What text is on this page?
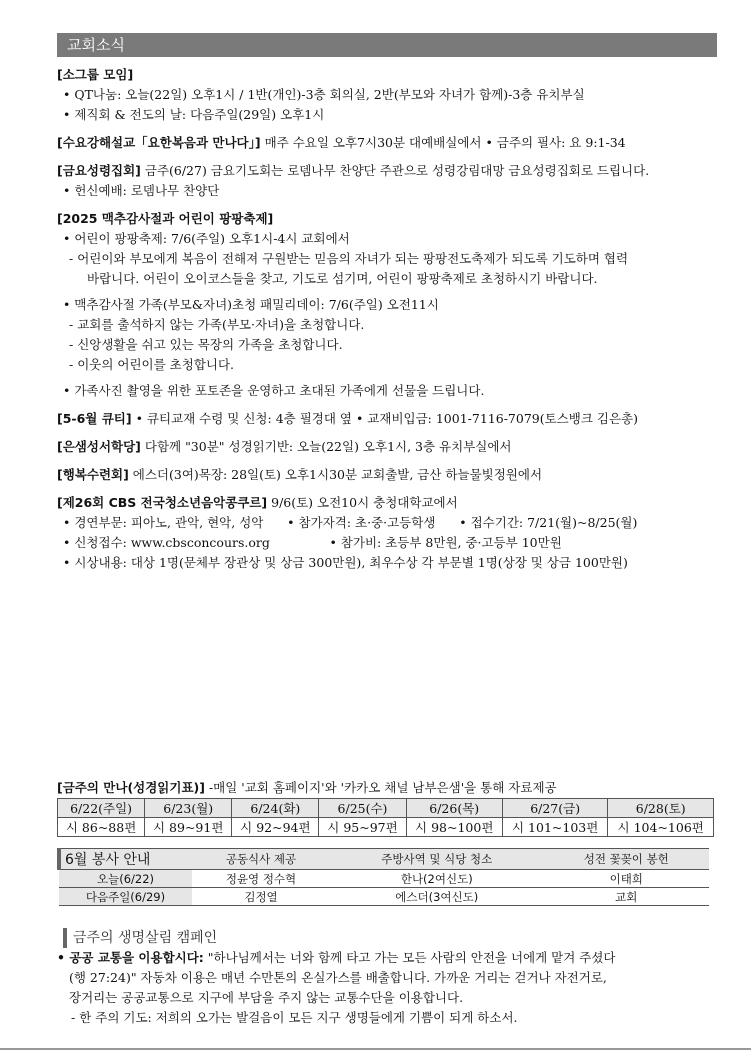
교회소식
[소그룹 모임]
• QT나눔: 오늘(22일) 오후1시 / 1반(개인)-3층 회의실, 2반(부모와 자녀가 함께)-3층 유치부실
• 제직회 & 전도의 날: 다음주일(29일) 오후1시
[수요강해설교「요한복음과 만나다」] 매주 수요일 오후7시30분 대예배실에서 • 금주의 필사: 요 9:1-34
[금요성령집회] 금주(6/27) 금요기도회는 로뎀나무 찬양단 주관으로 성령강림대망 금요성령집회로 드립니다.
• 헌신예배: 로뎀나무 찬양단
[2025 맥추감사절과 어린이 팡팡축제]
• 어린이 팡팡축제: 7/6(주일) 오후1시-4시 교회에서
- 어린이와 부모에게 복음이 전해져 구원받는 믿음의 자녀가 되는 팡팡전도축제가 되도록 기도하며 협력
바랍니다. 어린이 오이코스들을 찾고, 기도로 섬기며, 어린이 팡팡축제로 초청하시기 바랍니다.
• 맥추감사절 가족(부모&자녀)초청 패밀리데이: 7/6(주일) 오전11시
- 교회를 출석하지 않는 가족(부모·자녀)을 초청합니다.
- 신앙생활을 쉬고 있는 목장의 가족을 초청합니다.
- 이웃의 어린이를 초청합니다.
• 가족사진 촬영을 위한 포토존을 운영하고 초대된 가족에게 선물을 드립니다.
[5-6월 큐티] • 큐티교재 수령 및 신청: 4층 필경대 옆 • 교재비입금: 1001-7116-7079(토스뱅크 김은총)
[은샘성서학당] 다함께 "30분" 성경읽기반: 오늘(22일) 오후1시, 3층 유치부실에서
[행복수련회] 에스더(3여)목장: 28일(토) 오후1시30분 교회출발, 금산 하늘물빛정원에서
[제26회 CBS 전국청소년음악콩쿠르] 9/6(토) 오전10시 충청대학교에서
• 경연부문: 피아노, 관악, 현악, 성악      • 참가자격: 초·중·고등학생      • 접수기간: 7/21(월)~8/25(월)
• 신청접수: www.cbsconcours.org               • 참가비: 초등부 8만원, 중·고등부 10만원
• 시상내용: 대상 1명(문체부 장관상 및 상금 300만원), 최우수상 각 부문별 1명(상장 및 상금 100만원)
[금주의 만나(성경읽기표)] -매일 '교회 홈페이지'와 '카카오 채널 남부은샘'을 통해 자료제공
6/22(주일)	6/23(월)	6/24(화)	6/25(수)	6/26(목)	6/27(금)	6/28(토)
시 86~88편	시 89~91편	시 92~94편	시 95~97편	시 98~100편	시 101~103편	시 104~106편
6월 봉사 안내	공동식사 제공	주방사역 및 식당 청소	성전 꽃꽂이 봉헌
오늘(6/22)	정윤영 정수혁	한나(2여신도)	이태희
다음주일(6/29)	김정열	에스더(3여신도)	교회
금주의 생명살림 캠페인
• 공공 교통을 이용합시다: "하나님께서는 너와 함께 타고 가는 모든 사람의 안전을 너에게 맡겨 주셨다
(행 27:24)" 자동차 이용은 매년 수만톤의 온실가스를 배출합니다. 가까운 거리는 걷거나 자전거로,
장거리는 공공교통으로 지구에 부담을 주지 않는 교통수단을 이용합니다.
- 한 주의 기도: 저희의 오가는 발걸음이 모든 지구 생명들에게 기쁨이 되게 하소서.
